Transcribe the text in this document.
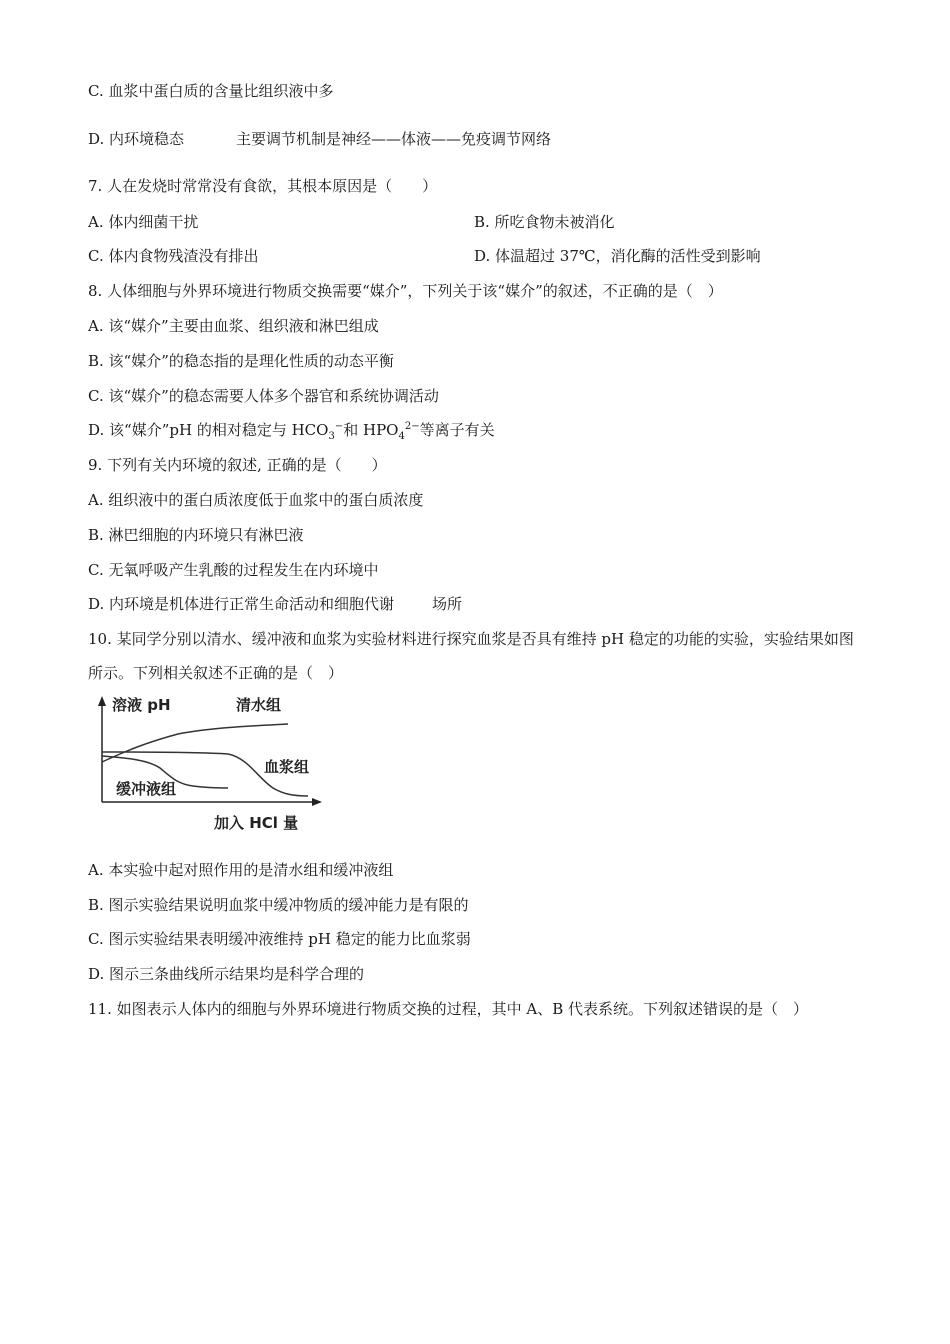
C. 血浆中蛋白质的含量比组织液中多
D. 内环境稳态	主要调节机制是神经——体液——免疫调节网络
7. 人在发烧时常常没有食欲，其根本原因是（　　）
A. 体内细菌干扰	B. 所吃食物未被消化
C. 体内食物残渣没有排出	D. 体温超过 37℃，消化酶的活性受到影响
8. 人体细胞与外界环境进行物质交换需要“媒介”，下列关于该“媒介”的叙述，不正确的是（　）
A. 该“媒介”主要由血浆、组织液和淋巴组成
B. 该“媒介”的稳态指的是理化性质的动态平衡
C. 该“媒介”的稳态需要人体多个器官和系统协调活动
D. 该“媒介”pH 的相对稳定与 $HCO_3^-$和 $HPO_4^{2-}$等离子有关
9. 下列有关内环境的叙述, 正确的是（　　）
A. 组织液中的蛋白质浓度低于血浆中的蛋白质浓度
B. 淋巴细胞的内环境只有淋巴液
C. 无氧呼吸产生乳酸的过程发生在内环境中
D. 内环境是机体进行正常生命活动和细胞代谢	场所
10. 某同学分别以清水、缓冲液和血浆为实验材料进行探究血浆是否具有维持 pH 稳定的功能的实验，实验结果如图所示。下列相关叙述不正确的是（　）
溶液 pH	清水组
血浆组
缓冲液组
加入 HCl 量
A. 本实验中起对照作用的是清水组和缓冲液组
B. 图示实验结果说明血浆中缓冲物质的缓冲能力是有限的
C. 图示实验结果表明缓冲液维持 pH 稳定的能力比血浆弱
D. 图示三条曲线所示结果均是科学合理的
11. 如图表示人体内的细胞与外界环境进行物质交换的过程，其中 A、B 代表系统。下列叙述错误的是（　）
